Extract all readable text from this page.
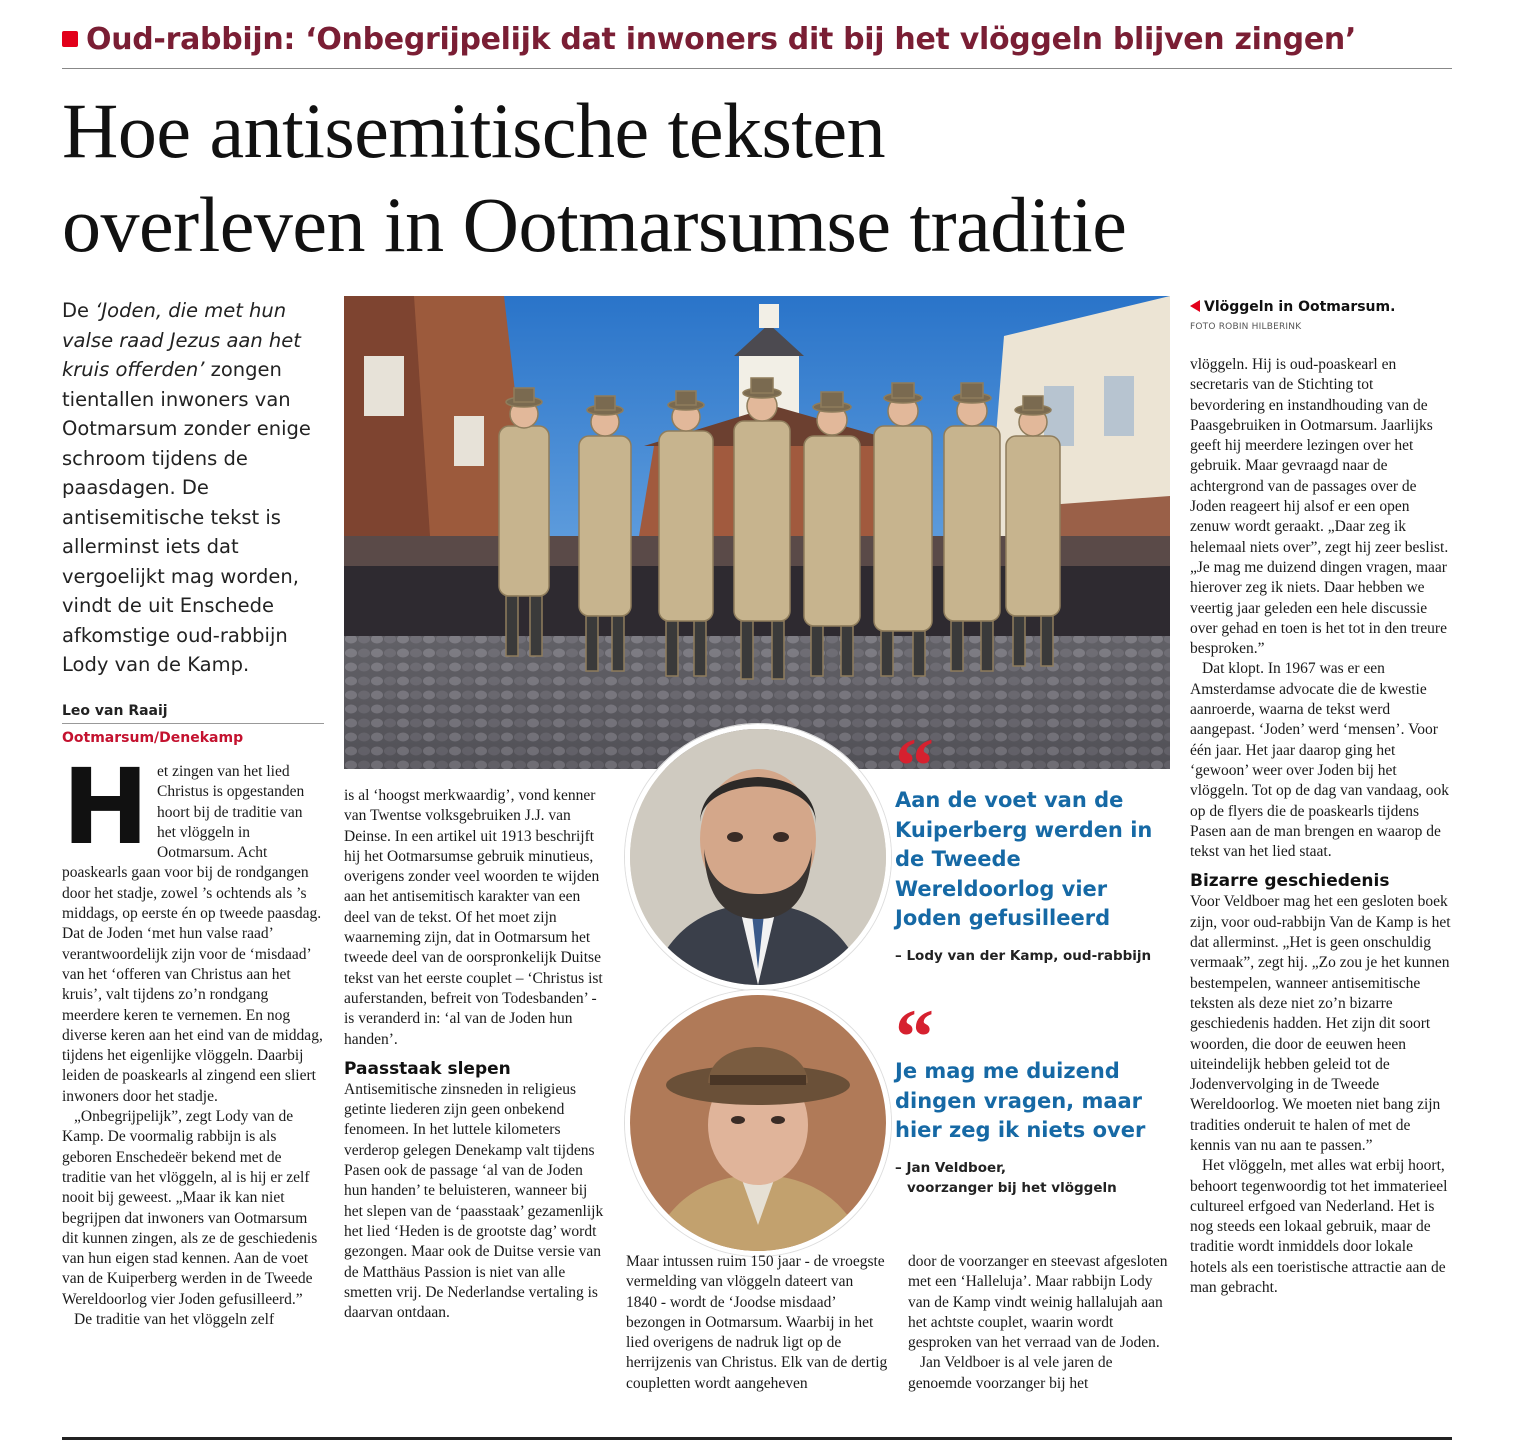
Oud-rabbijn: ‘Onbegrijpelijk dat inwoners dit bij het vlöggeln blijven zingen’
Hoe antisemitische teksten
overleven in Ootmarsumse traditie
De ‘Joden, die met hun valse raad Jezus aan het kruis offerden’ zongen tientallen inwoners van Ootmarsum zonder enige schroom tijdens de paasdagen. De antisemitische tekst is allerminst iets dat vergoelijkt mag worden, vindt de uit Enschede afkomstige oud-rabbijn Lody van de Kamp.
Leo van Raaij
Ootmarsum/Denekamp
Vlöggeln in Ootmarsum.
FOTO ROBIN HILBERINK
H et zingen van het lied Christus is opgestanden hoort bij de traditie van het vlöggeln in Ootmarsum. Acht poaskearls gaan voor bij de rondgangen door het stadje, zowel ’s ochtends als ’s middags, op eerste én op tweede paasdag. Dat de Joden ‘met hun valse raad’ verantwoordelijk zijn voor de ‘misdaad’ van het ‘offeren van Christus aan het kruis’, valt tijdens zo’n rondgang meerdere keren te vernemen. En nog diverse keren aan het eind van de middag, tijdens het eigenlijke vlöggeln. Daarbij leiden de poaskearls al zingend een sliert inwoners door het stadje.

„Onbegrijpelijk”, zegt Lody van de Kamp. De voormalig rabbijn is als geboren Enschedeër bekend met de traditie van het vlöggeln, al is hij er zelf nooit bij geweest. „Maar ik kan niet begrijpen dat inwoners van Ootmarsum dit kunnen zingen, als ze de geschiedenis van hun eigen stad kennen. Aan de voet van de Kuiperberg werden in de Tweede Wereldoorlog vier Joden gefusilleerd.”

De traditie van het vlöggeln zelf

is al ‘hoogst merkwaardig’, vond kenner van Twentse volksgebruiken J.J. van Deinse. In een artikel uit 1913 beschrijft hij het Ootmarsumse gebruik minutieus, overigens zonder veel woorden te wijden aan het antisemitisch karakter van een deel van de tekst. Of het moet zijn waarneming zijn, dat in Ootmarsum het tweede deel van de oorspronkelijk Duitse tekst van het eerste couplet – ‘Christus ist auferstanden, befreit von Todesbanden’ - is veranderd in: ‘al van de Joden hun handen’.

Paasstaak slepen

Antisemitische zinsneden in religieus getinte liederen zijn geen onbekend fenomeen. In het luttele kilometers verderop gelegen Denekamp valt tijdens Pasen ook de passage ‘al van de Joden hun handen’ te beluisteren, wanneer bij het slepen van de ‘paasstaak’ gezamenlijk het lied ‘Heden is de grootste dag’ wordt gezongen. Maar ook de Duitse versie van de Matthäus Passion is niet van alle smetten vrij. De Nederlandse vertaling is daarvan ontdaan.

“
Aan de voet van de Kuiperberg werden in de Tweede Wereldoorlog vier Joden gefusilleerd
– Lody van der Kamp, oud-rabbijn
“
Je mag me duizend dingen vragen, maar hier zeg ik niets over
– Jan Veldboer,
voorzanger bij het vlöggeln

Maar intussen ruim 150 jaar - de vroegste vermelding van vlöggeln dateert van 1840 - wordt de ‘Joodse misdaad’ bezongen in Ootmarsum. Waarbij in het lied overigens de nadruk ligt op de herrijzenis van Christus. Elk van de dertig coupletten wordt aangeheven

door de voorzanger en steevast afgesloten met een ‘Halleluja’. Maar rabbijn Lody van de Kamp vindt weinig hallalujah aan het achtste couplet, waarin wordt gesproken van het verraad van de Joden.

Jan Veldboer is al vele jaren de genoemde voorzanger bij het

vlöggeln. Hij is oud-poaskearl en secretaris van de Stichting tot bevordering en instandhouding van de Paasgebruiken in Ootmarsum. Jaarlijks geeft hij meerdere lezingen over het gebruik. Maar gevraagd naar de achtergrond van de passages over de Joden reageert hij alsof er een open zenuw wordt geraakt. „Daar zeg ik helemaal niets over”, zegt hij zeer beslist. „Je mag me duizend dingen vragen, maar hierover zeg ik niets. Daar hebben we veertig jaar geleden een hele discussie over gehad en toen is het tot in den treure besproken.”

Dat klopt. In 1967 was er een Amsterdamse advocate die de kwestie aanroerde, waarna de tekst werd aangepast. ‘Joden’ werd ‘mensen’. Voor één jaar. Het jaar daarop ging het ‘gewoon’ weer over Joden bij het vlöggeln. Tot op de dag van vandaag, ook op de flyers die de poaskearls tijdens Pasen aan de man brengen en waarop de tekst van het lied staat.

Bizarre geschiedenis

Voor Veldboer mag het een gesloten boek zijn, voor oud-rabbijn Van de Kamp is het dat allerminst. „Het is geen onschuldig vermaak”, zegt hij. „Zo zou je het kunnen bestempelen, wanneer antisemitische teksten als deze niet zo’n bizarre geschiedenis hadden. Het zijn dit soort woorden, die door de eeuwen heen uiteindelijk hebben geleid tot de Jodenvervolging in de Tweede Wereldoorlog. We moeten niet bang zijn tradities onderuit te halen of met de kennis van nu aan te passen.”

Het vlöggeln, met alles wat erbij hoort, behoort tegenwoordig tot het immaterieel cultureel erfgoed van Nederland. Het is nog steeds een lokaal gebruik, maar de traditie wordt inmiddels door lokale hotels als een toeristische attractie aan de man gebracht.
